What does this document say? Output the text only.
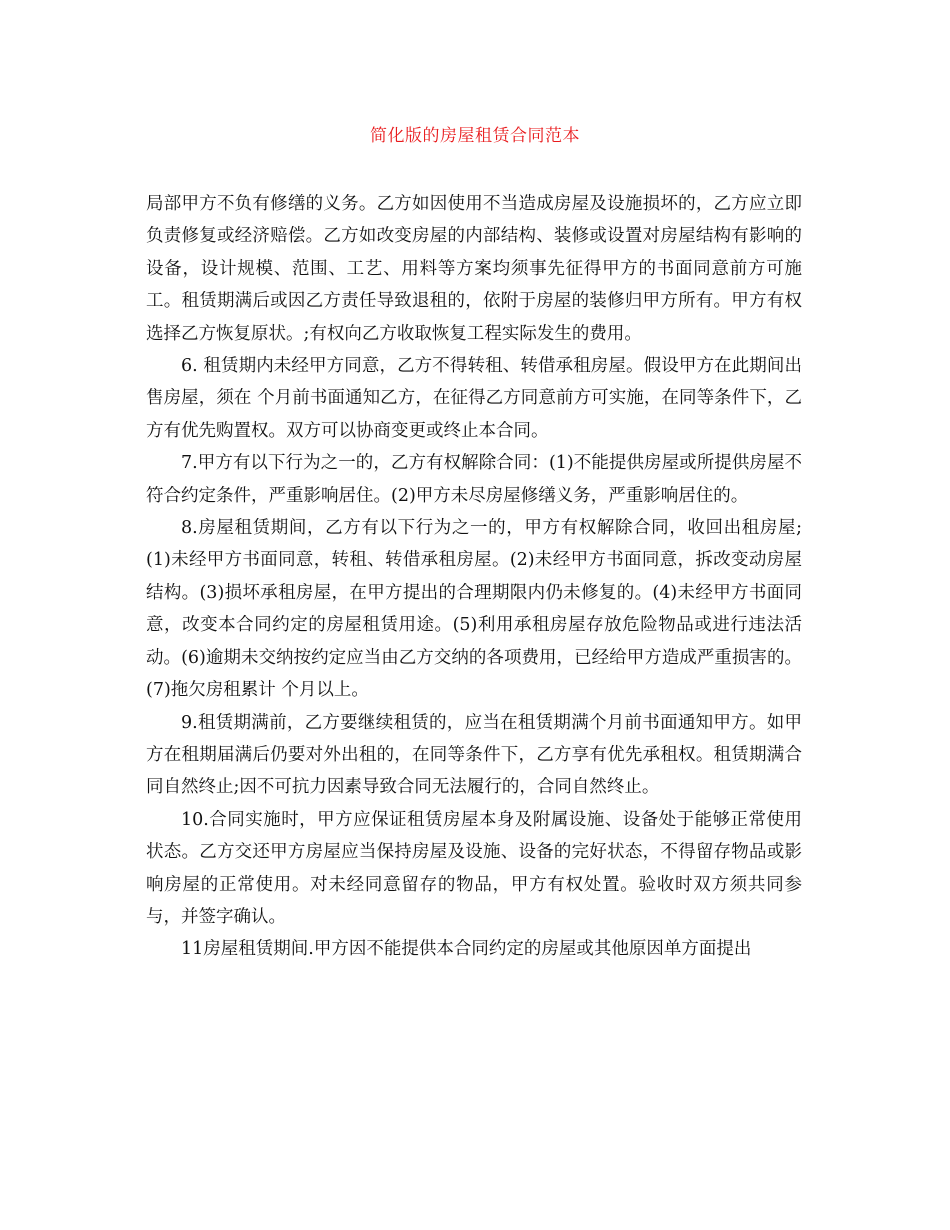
简化版的房屋租赁合同范本

局部甲方不负有修缮的义务。乙方如因使用不当造成房屋及设施损坏的，乙方应立即负责修复或经济赔偿。乙方如改变房屋的内部结构、装修或设置对房屋结构有影响的设备，设计规模、范围、工艺、用料等方案均须事先征得甲方的书面同意前方可施工。租赁期满后或因乙方责任导致退租的，依附于房屋的装修归甲方所有。甲方有权选择乙方恢复原状。;有权向乙方收取恢复工程实际发生的费用。

6. 租赁期内未经甲方同意，乙方不得转租、转借承租房屋。假设甲方在此期间出售房屋，须在 个月前书面通知乙方，在征得乙方同意前方可实施，在同等条件下，乙方有优先购置权。双方可以协商变更或终止本合同。

7.甲方有以下行为之一的，乙方有权解除合同：(1)不能提供房屋或所提供房屋不符合约定条件，严重影响居住。(2)甲方未尽房屋修缮义务，严重影响居住的。

8.房屋租赁期间，乙方有以下行为之一的，甲方有权解除合同，收回出租房屋;(1)未经甲方书面同意，转租、转借承租房屋。(2)未经甲方书面同意，拆改变动房屋结构。(3)损坏承租房屋，在甲方提出的合理期限内仍未修复的。(4)未经甲方书面同意，改变本合同约定的房屋租赁用途。(5)利用承租房屋存放危险物品或进行违法活动。(6)逾期未交纳按约定应当由乙方交纳的各项费用，已经给甲方造成严重损害的。(7)拖欠房租累计 个月以上。

9.租赁期满前，乙方要继续租赁的，应当在租赁期满个月前书面通知甲方。如甲方在租期届满后仍要对外出租的，在同等条件下，乙方享有优先承租权。租赁期满合同自然终止;因不可抗力因素导致合同无法履行的，合同自然终止。

10.合同实施时，甲方应保证租赁房屋本身及附属设施、设备处于能够正常使用状态。乙方交还甲方房屋应当保持房屋及设施、设备的完好状态，不得留存物品或影响房屋的正常使用。对未经同意留存的物品，甲方有权处置。验收时双方须共同参与，并签字确认。

11房屋租赁期间.甲方因不能提供本合同约定的房屋或其他原因单方面提出
